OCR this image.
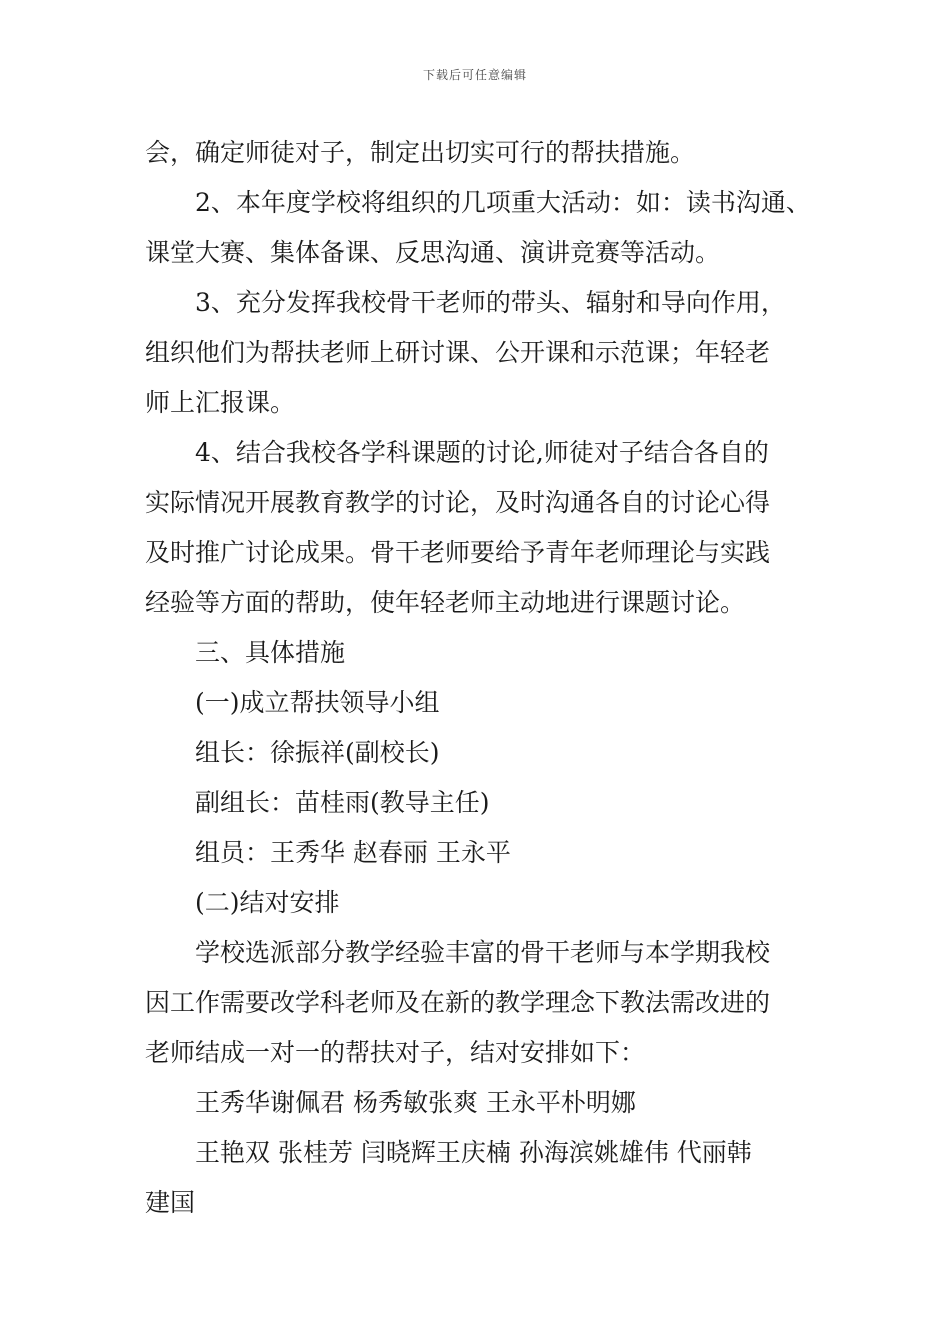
下载后可任意编辑
会，确定师徒对子，制定出切实可行的帮扶措施。
2、本年度学校将组织的几项重大活动：如：读书沟通、
课堂大赛、集体备课、反思沟通、演讲竞赛等活动。
3、充分发挥我校骨干老师的带头、辐射和导向作用，
组织他们为帮扶老师上研讨课、公开课和示范课；年轻老
师上汇报课。
4、结合我校各学科课题的讨论,师徒对子结合各自的
实际情况开展教育教学的讨论，及时沟通各自的讨论心得
及时推广讨论成果。骨干老师要给予青年老师理论与实践
经验等方面的帮助，使年轻老师主动地进行课题讨论。
三、具体措施
(一)成立帮扶领导小组
组长：徐振祥(副校长)
副组长：苗桂雨(教导主任)
组员：王秀华 赵春丽 王永平
(二)结对安排
学校选派部分教学经验丰富的骨干老师与本学期我校
因工作需要改学科老师及在新的教学理念下教法需改进的
老师结成一对一的帮扶对子，结对安排如下：
王秀华谢佩君 杨秀敏张爽 王永平朴明娜
王艳双 张桂芳 闫晓辉王庆楠 孙海滨姚雄伟 代丽韩
建国
